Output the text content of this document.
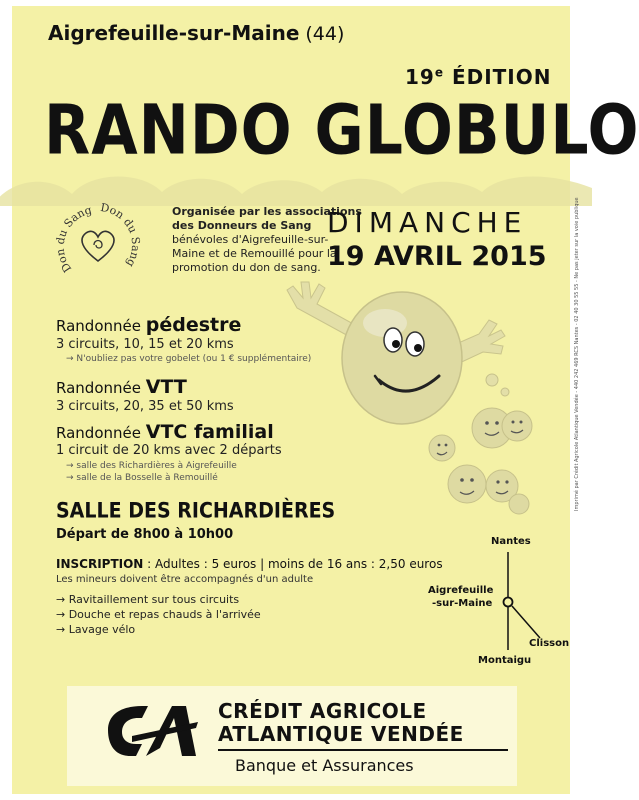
Aigrefeuille-sur-Maine (44)
19e ÉDITION
RANDO GLOBULO
Don du Sang Don du Sang
Organisée par les associations
des Donneurs de Sang
bénévoles d'Aigrefeuille-sur-
Maine et de Remouillé pour la
promotion du don de sang.
DIMANCHE
19 AVRIL 2015
Randonnée pédestre
3 circuits, 10, 15 et 20 kms
→ N'oubliez pas votre gobelet (ou 1 € supplémentaire)
Randonnée VTT
3 circuits, 20, 35 et 50 kms
Randonnée VTC familial
1 circuit de 20 kms avec 2 départs
→ salle des Richardières à Aigrefeuille
→ salle de la Bosselle à Remouillé
SALLE DES RICHARDIÈRES
Départ de 8h00 à 10h00
INSCRIPTION : Adultes : 5 euros | moins de 16 ans : 2,50 euros
Les mineurs doivent être accompagnés d'un adulte
→ Ravitaillement sur tous circuits
→ Douche et repas chauds à l'arrivée
→ Lavage vélo
Nantes
Aigrefeuille
-sur-Maine
Clisson
Montaigu
Imprimé par Crédit Agricole Atlantique Vendée - 440 242 469 RCS Nantes - 02 40 30 55 55 - Ne pas jeter sur la voie publique
CRÉDIT AGRICOLE
ATLANTIQUE VENDÉE
Banque et Assurances
